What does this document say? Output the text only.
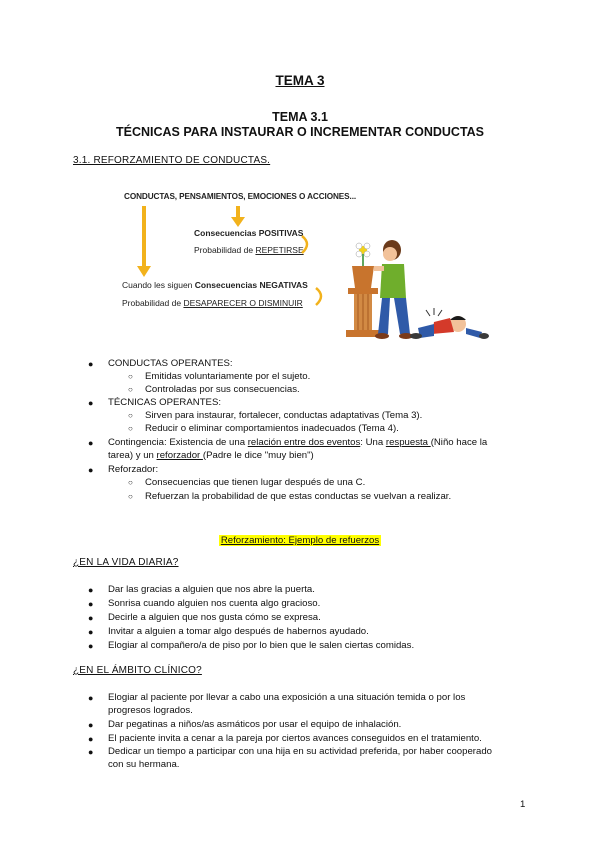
TEMA 3
TEMA 3.1
TÉCNICAS PARA INSTAURAR O INCREMENTAR CONDUCTAS
3.1. REFORZAMIENTO DE CONDUCTAS.
CONDUCTAS, PENSAMIENTOS, EMOCIONES O ACCIONES...
Consecuencias POSITIVAS
Probabilidad de REPETIRSE
Cuando les siguen Consecuencias NEGATIVAS
Probabilidad de DESAPARECER O DISMINUIR
● CONDUCTAS OPERANTES:
○ Emitidas voluntariamente por el sujeto.
○ Controladas por sus consecuencias.
● TÉCNICAS OPERANTES:
○ Sirven para instaurar, fortalecer, conductas adaptativas (Tema 3).
○ Reducir o eliminar comportamientos inadecuados (Tema 4).
● Contingencia: Existencia de una relación entre dos eventos: Una respuesta (Niño hace la
tarea) y un reforzador (Padre le dice "muy bien")
● Reforzador:
○ Consecuencias que tienen lugar después de una C.
○ Refuerzan la probabilidad de que estas conductas se vuelvan a realizar.
Reforzamiento: Ejemplo de refuerzos
¿EN LA VIDA DIARIA?
● Dar las gracias a alguien que nos abre la puerta.
● Sonrisa cuando alguien nos cuenta algo gracioso.
● Decirle a alguien que nos gusta cómo se expresa.
● Invitar a alguien a tomar algo después de habernos ayudado.
● Elogiar al compañero/a de piso por lo bien que le salen ciertas comidas.
¿EN EL ÁMBITO CLÍNICO?
● Elogiar al paciente por llevar a cabo una exposición a una situación temida o por los
progresos logrados.
● Dar pegatinas a niños/as asmáticos por usar el equipo de inhalación.
● El paciente invita a cenar a la pareja por ciertos avances conseguidos en el tratamiento.
● Dedicar un tiempo a participar con una hija en su actividad preferida, por haber cooperado
con su hermana.
1
